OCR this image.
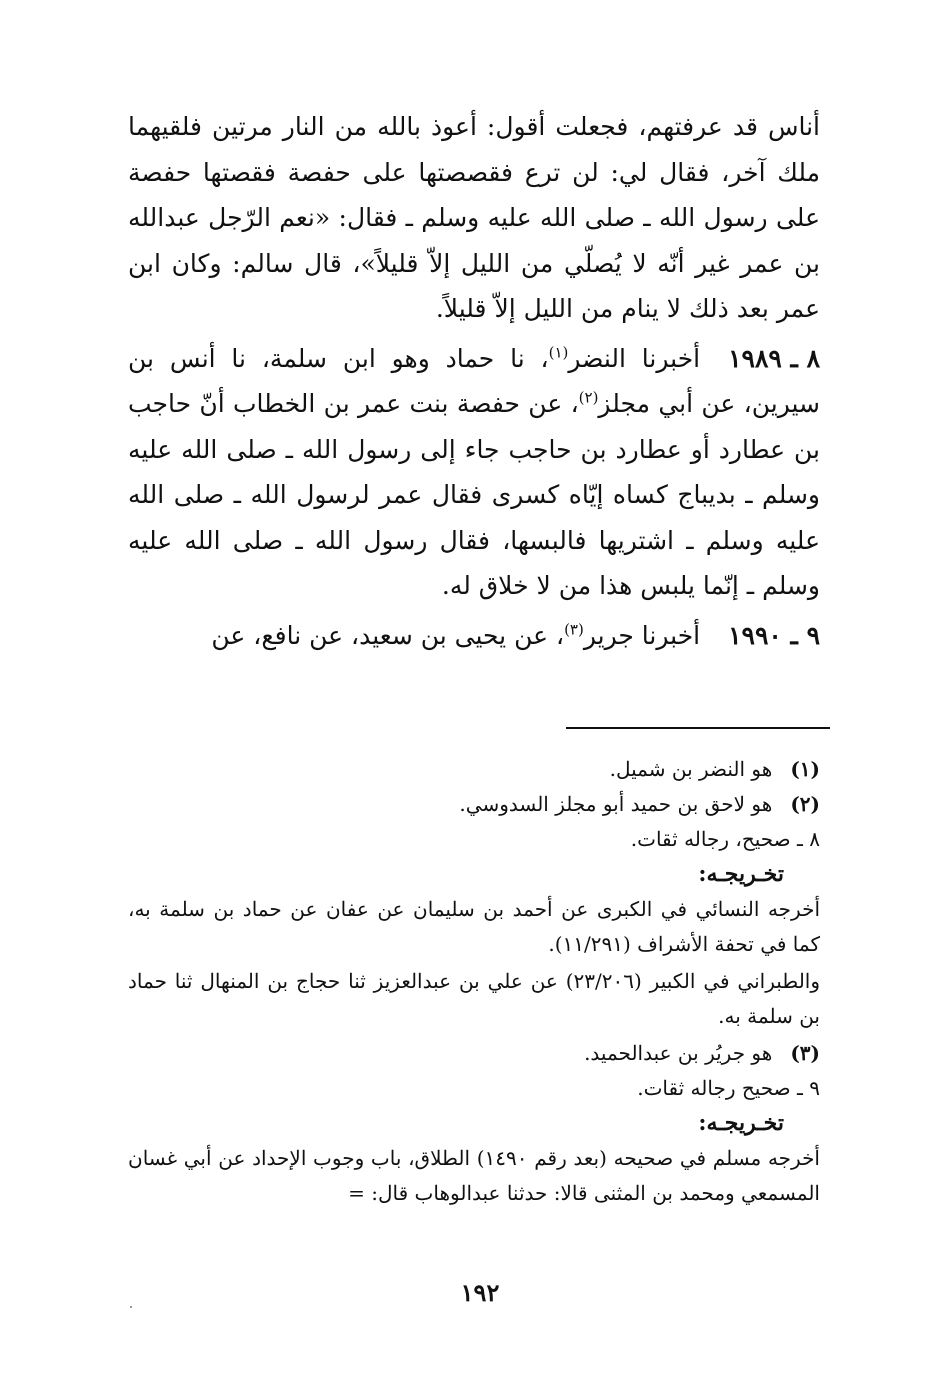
أناس قد عرفتهم، فجعلت أقول: أعوذ بالله من النار مرتين فلقيهما ملك آخر، فقال لي: لن ترع فقصصتها على حفصة فقصتها حفصة على رسول الله ـ صلى الله عليه وسلم ـ فقال: «نعم الرّجل عبدالله بن عمر غير أنّه لا يُصلّي من الليل إلاّ قليلاً»، قال سالم: وكان ابن عمر بعد ذلك لا ينام من الليل إلاّ قليلاً.

٨ ـ ١٩٨٩أخبرنا النضر$^{(١)}$، نا حماد وهو ابن سلمة، نا أنس بن سيرين، عن أبي مجلز$^{(٢)}$، عن حفصة بنت عمر بن الخطاب أنّ حاجب بن عطارد أو عطارد بن حاجب جاء إلى رسول الله ـ صلى الله عليه وسلم ـ بديباج كساه إيّاه كسرى فقال عمر لرسول الله ـ صلى الله عليه وسلم ـ اشتريها فالبسها، فقال رسول الله ـ صلى الله عليه وسلم ـ إنّما يلبس هذا من لا خلاق له.

٩ ـ ١٩٩٠أخبرنا جرير$^{(٣)}$، عن يحيى بن سعيد، عن نافع، عن

(١)هو النضر بن شميل.

(٢)هو لاحق بن حميد أبو مجلز السدوسي.

٨ ـ صحيح، رجاله ثقات.

تخـريجـه:

أخرجه النسائي في الكبرى عن أحمد بن سليمان عن عفان عن حماد بن سلمة به، كما في تحفة الأشراف (١١/٢٩١).

والطبراني في الكبير (٢٣/٢٠٦) عن علي بن عبدالعزيز ثنا حجاج بن المنهال ثنا حماد بن سلمة به.

(٣)هو جريُر بن عبدالحميد.

٩ ـ صحيح رجاله ثقات.

تخـريجـه:

أخرجه مسلم في صحيحه (بعد رقم ١٤٩٠) الطلاق، باب وجوب الإحداد عن أبي غسان المسمعي ومحمد بن المثنى قالا: حدثنا عبدالوهاب قال: =

١٩٢
